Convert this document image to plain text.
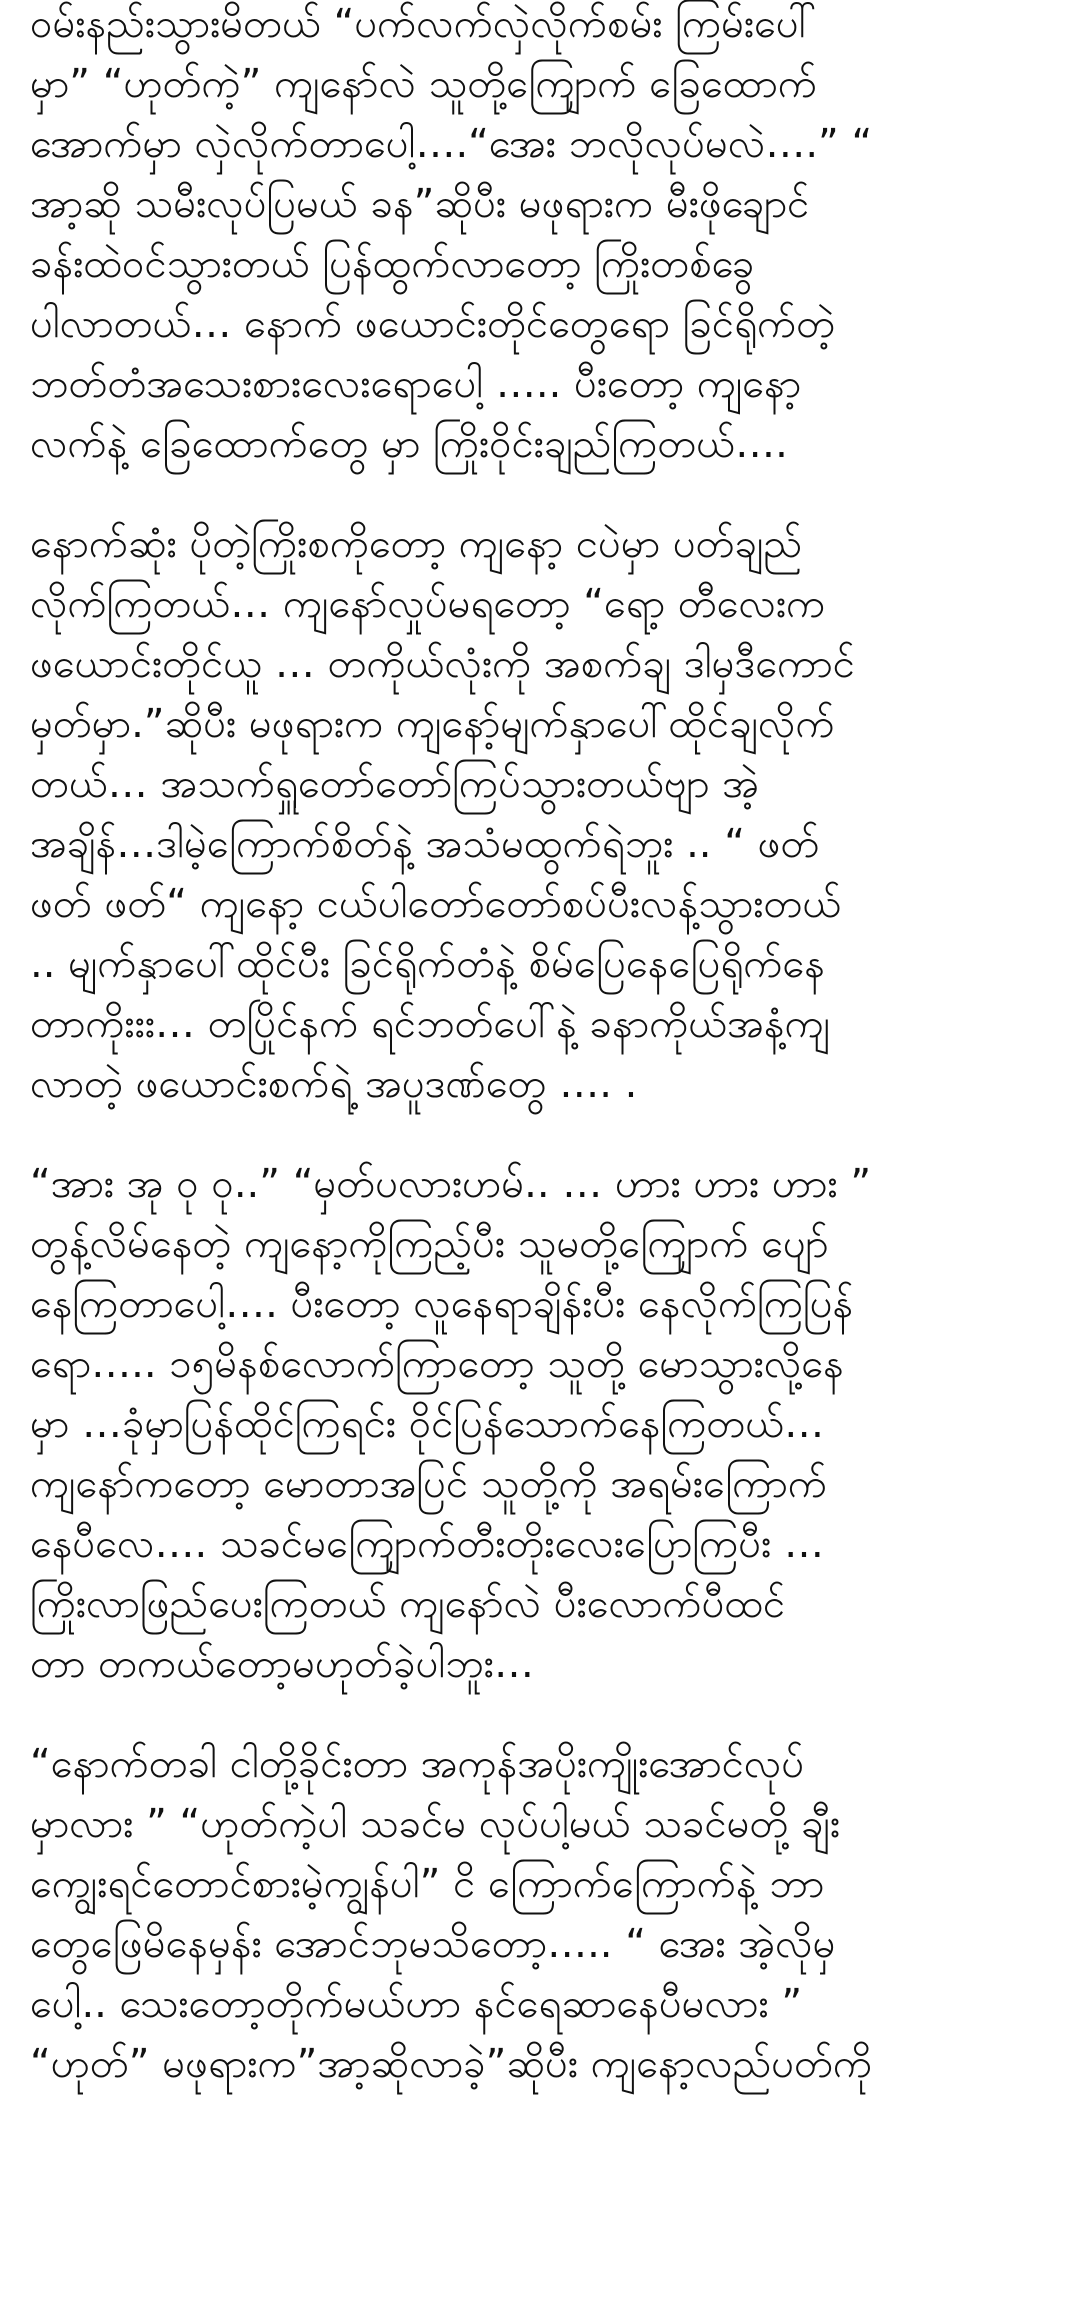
ဝမ်းနည်းသွားမိတယ် “ပက်လက်လှဲလိုက်စမ်း ကြမ်းပေါ်
မှာ” “ဟုတ်ကဲ့” ကျနော်လဲ သူတို့ကျြောက် ခြေထောက်
အောက်မှာ လှဲလိုက်တာပေါ့….“အေး ဘလိုလုပ်မလဲ….” “
အာ့ဆို သမီးလုပ်ပြမယ် ခန”ဆိုပီး မဖုရားက မီးဖိုချောင်
ခန်းထဲဝင်သွားတယ် ပြန်ထွက်လာတော့ ကြိုးတစ်ခွေ
ပါလာတယ်… နောက် ဖယောင်းတိုင်တွေရော ခြင်ရိုက်တဲ့
ဘတ်တံအသေးစားလေးရောပေါ့ ….. ပီးတော့ ကျနော့
လက်နဲ့ ခြေထောက်တွေ မှာ ကြိုးဝိုင်းချည်ကြတယ်….
နောက်ဆုံး ပိုတဲ့ကြိုးစကိုတော့ ကျနော့ ငပဲမှာ ပတ်ချည်
လိုက်ကြတယ်… ကျနော်လှုပ်မရတော့ “ရော့ တီလေးက
ဖယောင်းတိုင်ယူ … တကိုယ်လုံးကို အစက်ချ ဒါမှဒီကောင်
မှတ်မှာ.”ဆိုပီး မဖုရားက ကျနော့်မျက်နှာပေါ်ထိုင်ချလိုက်
တယ်… အသက်ရှူတော်တော်ကြပ်သွားတယ်ဗျာ အဲ့
အချိန်…ဒါမဲ့ကြောက်စိတ်နဲ့ အသံမထွက်ရဲဘူး .. “ ဖတ်
ဖတ် ဖတ်“ ကျနော့ ငယ်ပါတော်တော်စပ်ပီးလန့်သွားတယ်
.. မျက်နှာပေါ်ထိုင်ပီး ခြင်ရိုက်တံနဲ့ စိမ်ပြေနေပြေရိုက်နေ
တာကိုးးး… တပြိုင်နက် ရင်ဘတ်ပေါ်နဲ့ ခနာကိုယ်အနံ့ကျ
လာတဲ့ ဖယောင်းစက်ရဲ့ အပူဒဏ်တွေ …. .
“အား အု ဝု ဝု..” “မှတ်ပလားဟမ်.. … ဟား ဟား ဟား ”
တွန့်လိမ်နေတဲ့ ကျနော့ကိုကြည့်ပီး သူမတို့ကျြောက် ပျော်
နေကြတာပေါ့…. ပီးတော့ လူနေရာချိန်းပီး နေလိုက်ကြပြန်
ရော….. ၁၅မိနစ်လောက်ကြာတော့ သူတို့ မောသွားလို့နေ
မှာ …ခုံမှာပြန်ထိုင်ကြရင်း ဝိုင်ပြန်သောက်နေကြတယ်…
ကျနော်ကတော့ မောတာအပြင် သူတို့ကို အရမ်းကြောက်
နေပီလေ…. သခင်မကျြောက်တီးတိုးလေးပြောကြပီး …
ကြိုးလာဖြည်ပေးကြတယ် ကျနော်လဲ ပီးလောက်ပီထင်
တာ တကယ်တော့မဟုတ်ခဲ့ပါဘူး…
“နောက်တခါ ငါတို့ခိုင်းတာ အကုန်အပိုးကျိုးအောင်လုပ်
မှာလား ” “ဟုတ်ကဲ့ပါ သခင်မ လုပ်ပါ့မယ် သခင်မတို့ ချီး
ကျွေးရင်တောင်စားမဲ့ကျွန်ပါ” ငိ ကြောက်ကြောက်နဲ့ ဘာ
တွေဖြေမိနေမှန်း အောင်ဘုမသိတော့….. “ အေး အဲ့လိုမှ
ပေါ့.. သေးတော့တိုက်မယ်ဟာ နင်ရေဆာနေပီမလား ”
“ဟုတ်” မဖုရားက”အာ့ဆိုလာခဲ့”ဆိုပီး ကျနော့လည်ပတ်ကို
